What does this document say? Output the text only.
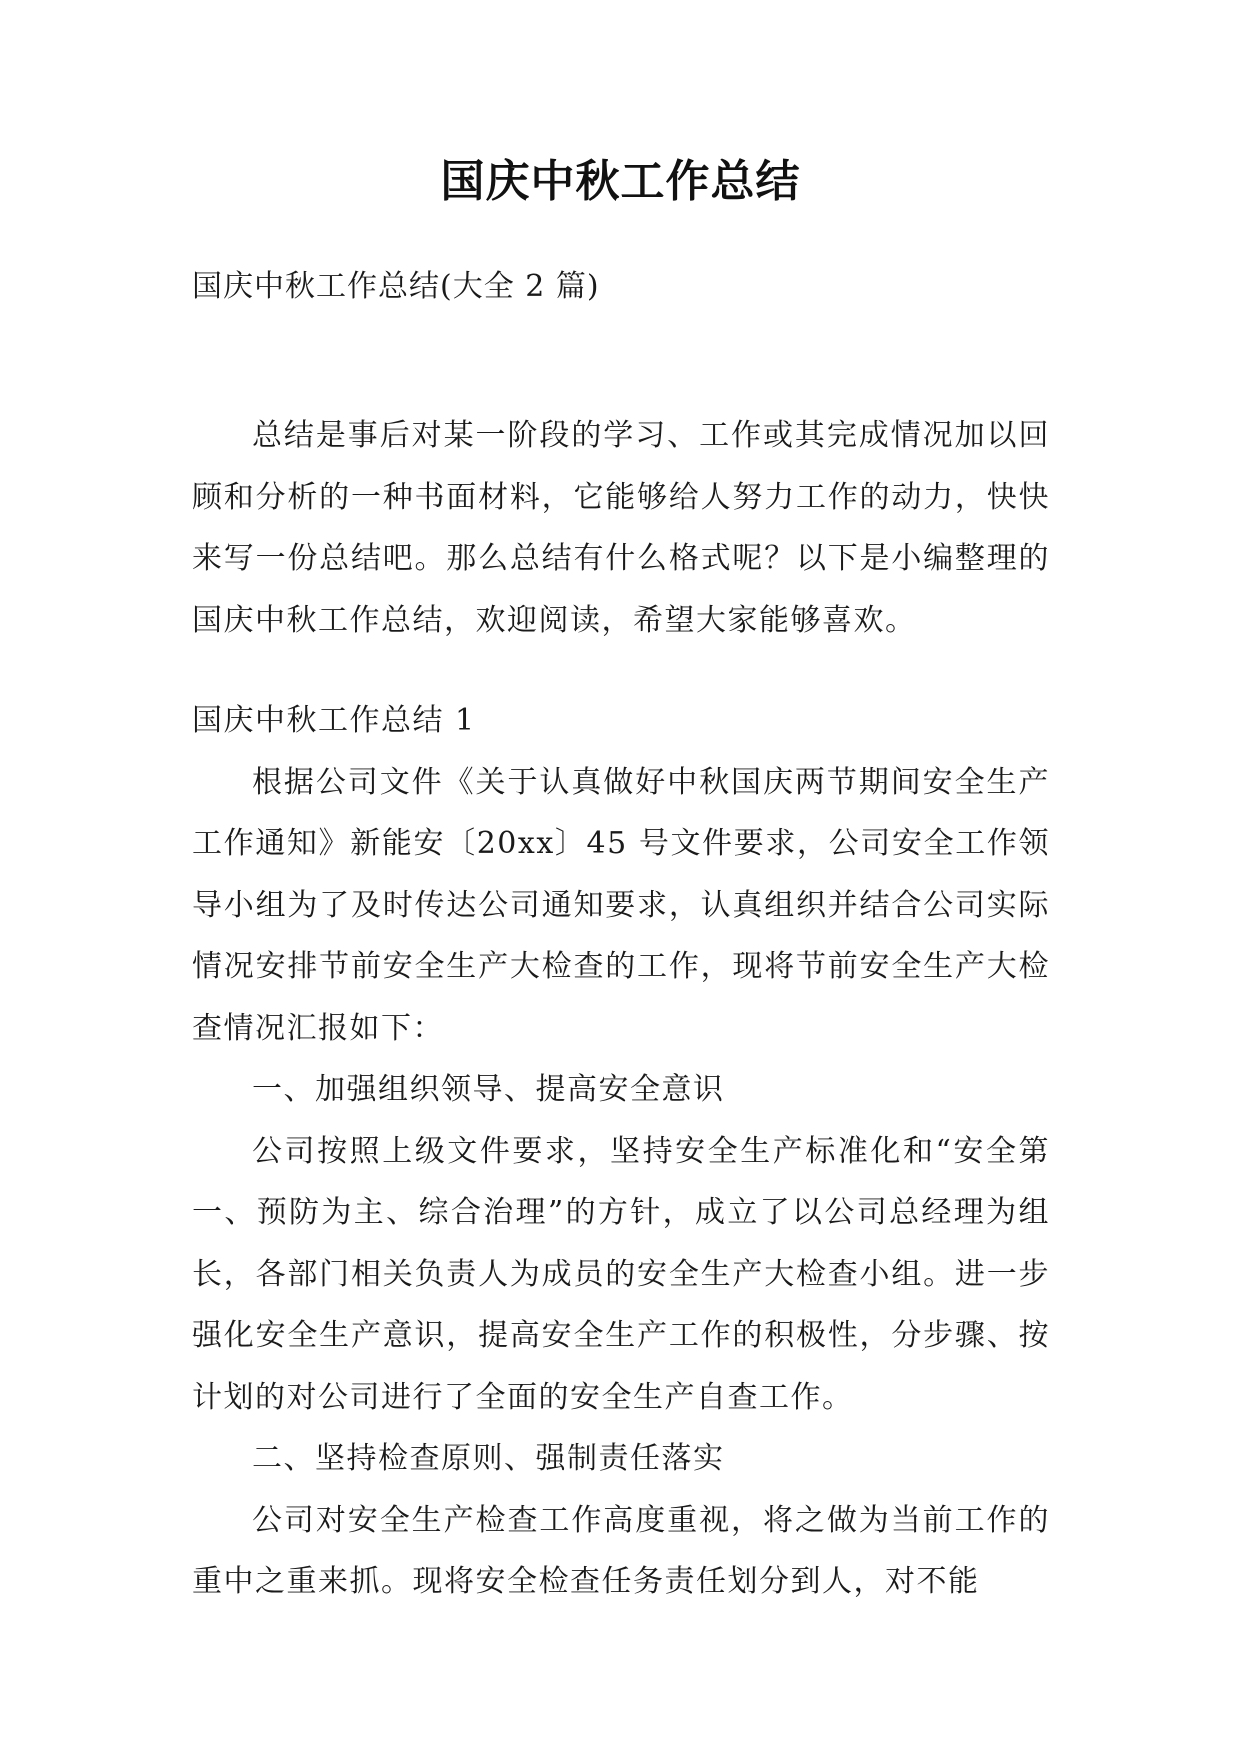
国庆中秋工作总结

国庆中秋工作总结(大全 2 篇)

总结是事后对某一阶段的学习、工作或其完成情况加以回顾和分析的一种书面材料，它能够给人努力工作的动力，快快来写一份总结吧。那么总结有什么格式呢？以下是小编整理的国庆中秋工作总结，欢迎阅读，希望大家能够喜欢。

国庆中秋工作总结 1

根据公司文件《关于认真做好中秋国庆两节期间安全生产工作通知》新能安〔20xx〕45 号文件要求，公司安全工作领导小组为了及时传达公司通知要求，认真组织并结合公司实际情况安排节前安全生产大检查的工作，现将节前安全生产大检查情况汇报如下：

一、加强组织领导、提高安全意识

公司按照上级文件要求，坚持安全生产标准化和“安全第一、预防为主、综合治理”的方针，成立了以公司总经理为组长，各部门相关负责人为成员的安全生产大检查小组。进一步强化安全生产意识，提高安全生产工作的积极性，分步骤、按计划的对公司进行了全面的安全生产自查工作。

二、坚持检查原则、强制责任落实

公司对安全生产检查工作高度重视，将之做为当前工作的重中之重来抓。现将安全检查任务责任划分到人，对不能
